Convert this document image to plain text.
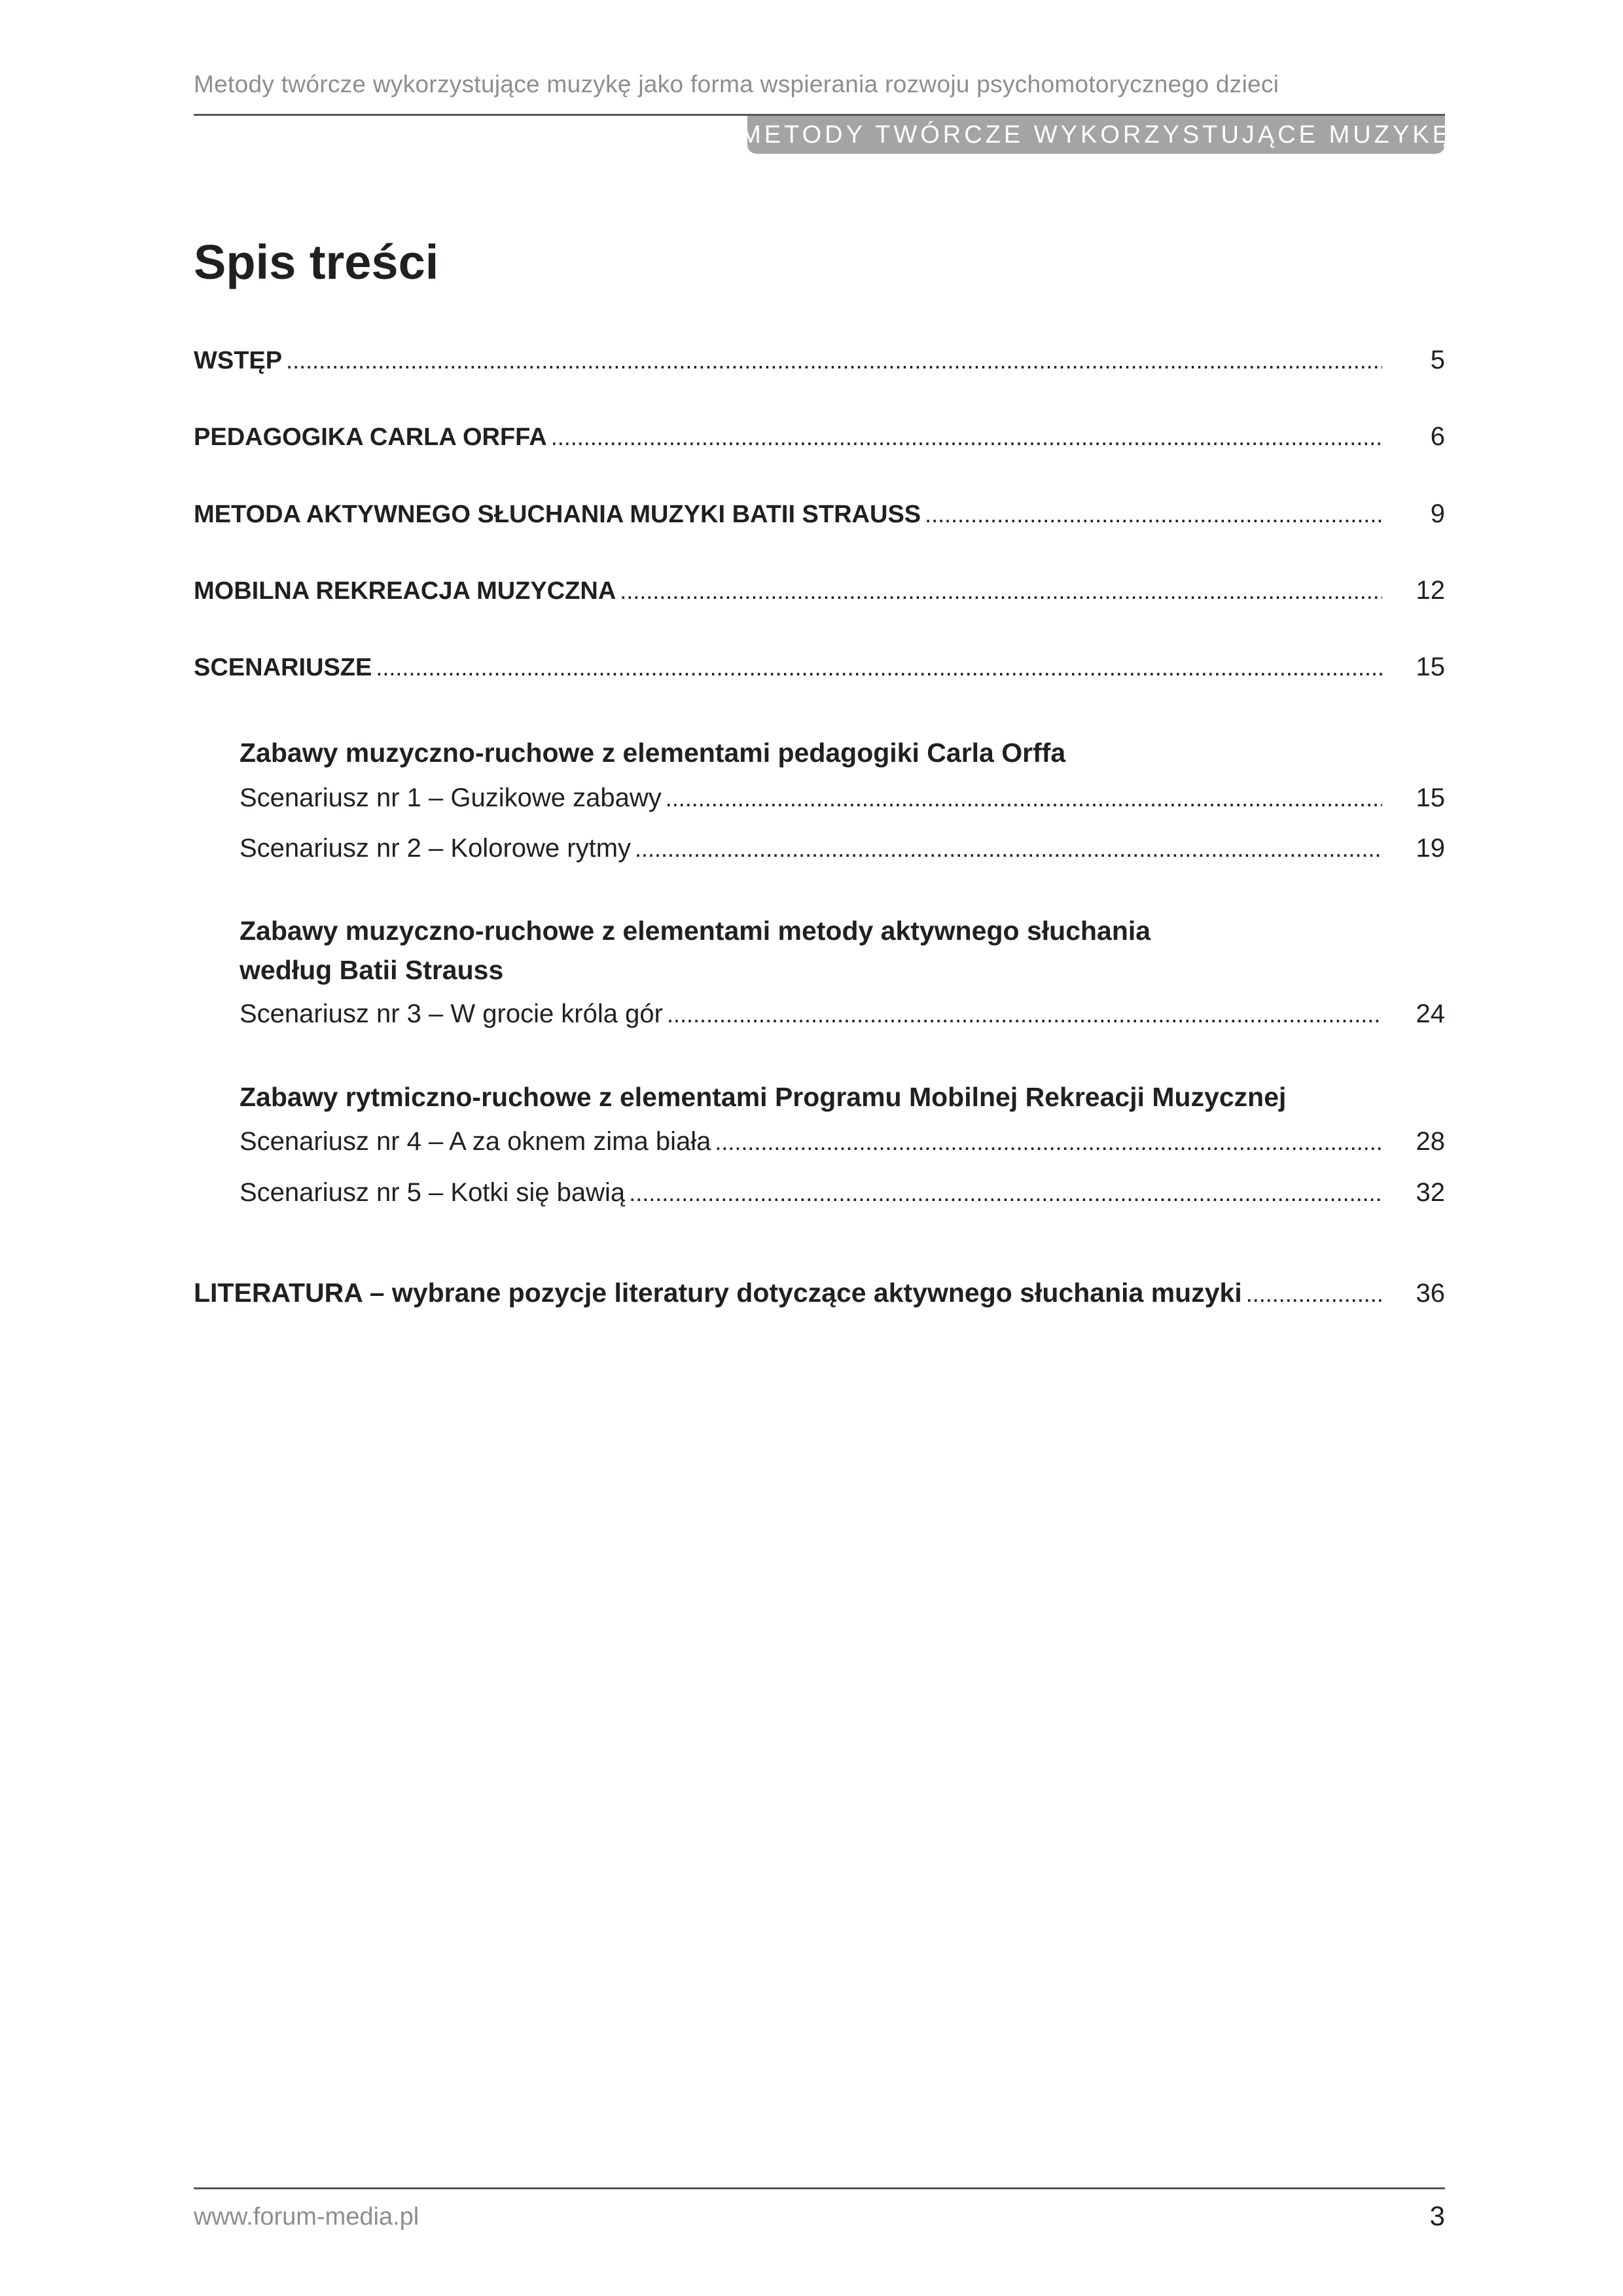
Metody twórcze wykorzystujące muzykę jako forma wspierania rozwoju psychomotorycznego dzieci
METODY TWÓRCZE WYKORZYSTUJĄCE MUZYKĘ
Spis treści
WSTĘP . . .	5
PEDAGOGIKA CARLA ORFFA . . .	6
METODA AKTYWNEGO SŁUCHANIA MUZYKI BATII STRAUSS . . .	9
MOBILNA REKREACJA MUZYCZNA . . .	12
SCENARIUSZE . . .	15
Zabawy muzyczno-ruchowe z elementami pedagogiki Carla Orffa
Scenariusz nr 1 – Guzikowe zabawy . . .	15
Scenariusz nr 2 – Kolorowe rytmy . . .	19
Zabawy muzyczno-ruchowe z elementami metody aktywnego słuchania
według Batii Strauss
Scenariusz nr 3 – W grocie króla gór . . .	24
Zabawy rytmiczno-ruchowe z elementami Programu Mobilnej Rekreacji Muzycznej
Scenariusz nr 4 – A za oknem zima biała . . .	28
Scenariusz nr 5 – Kotki się bawią . . .	32
LITERATURA – wybrane pozycje literatury dotyczące aktywnego słuchania muzyki . . .	36
www.forum-media.pl	3
